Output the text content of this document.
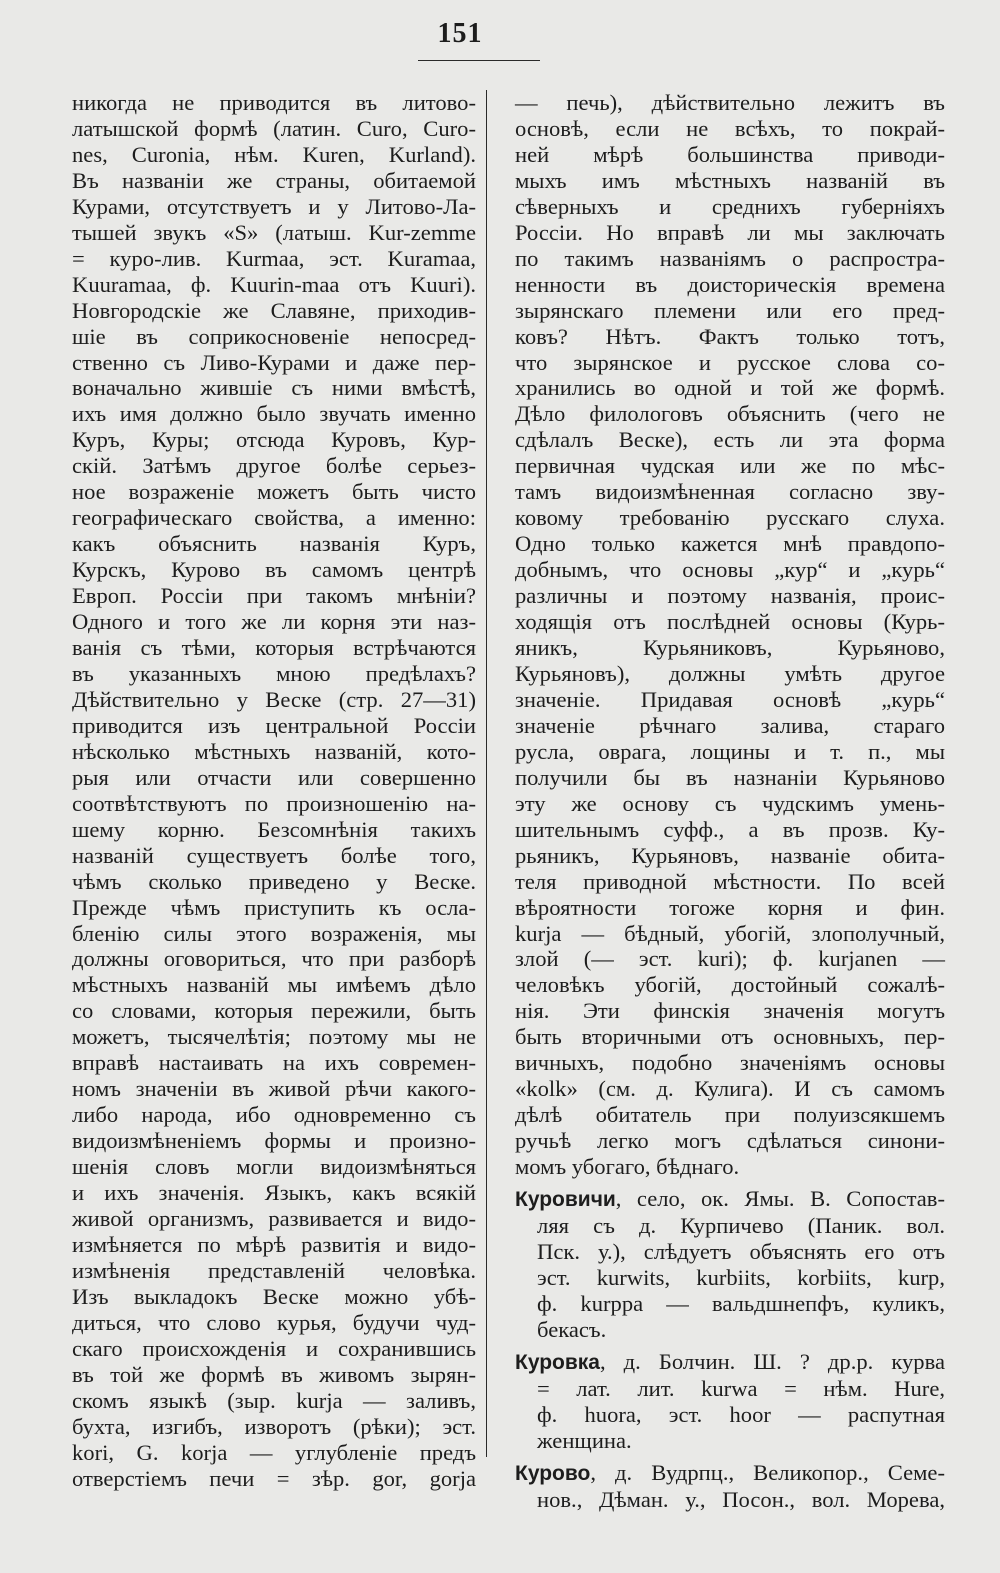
151
никогда не приводится въ литово-
латышской формѣ (латин. Curo, Curo-
nes, Curonia, нѣм. Kuren, Kurland).
Въ названіи же страны, обитаемой
Курами, отсутствуетъ и у Литово-Ла-
тышей звукъ «S» (латыш. Kur-zemme
= куро-лив. Kurmaa, эст. Kuramaa,
Kuuramaa, ф. Kuurin-maa отъ Kuuri).
Новгородскіе же Славяне, приходив-
шіе въ соприкосновеніе непосред-
ственно съ Ливо-Курами и даже пер-
воначально жившіе съ ними вмѣстѣ,
ихъ имя должно было звучать именно
Куръ, Куры; отсюда Куровъ, Кур-
скій. Затѣмъ другое болѣе серьез-
ное возраженіе можетъ быть чисто
географическаго свойства, а именно:
какъ объяснить названія Куръ,
Курскъ, Курово въ самомъ центрѣ
Европ. Россіи при такомъ мнѣніи?
Одного и того же ли корня эти наз-
ванія съ тѣми, которыя встрѣчаются
въ указанныхъ мною предѣлахъ?
Дѣйствительно у Веске (стр. 27—31)
приводится изъ центральной Россіи
нѣсколько мѣстныхъ названій, кото-
рыя или отчасти или совершенно
соотвѣтствуютъ по произношенію на-
шему корню. Безсомнѣнія такихъ
названій существуетъ болѣе того,
чѣмъ сколько приведено у Веске.
Прежде чѣмъ приступить къ осла-
бленію силы этого возраженія, мы
должны оговориться, что при разборѣ
мѣстныхъ названій мы имѣемъ дѣло
со словами, которыя пережили, быть
можетъ, тысячелѣтія; поэтому мы не
вправѣ настаивать на ихъ современ-
номъ значеніи въ живой рѣчи какого-
либо народа, ибо одновременно съ
видоизмѣненіемъ формы и произно-
шенія словъ могли видоизмѣняться
и ихъ значенія. Языкъ, какъ всякій
живой организмъ, развивается и видо-
измѣняется по мѣрѣ развитія и видо-
измѣненія представленій человѣка.
Изъ выкладокъ Веске можно убѣ-
диться, что слово курья, будучи чуд-
скаго происхожденія и сохранившись
въ той же формѣ въ живомъ зырян-
скомъ языкѣ (зыр. kurja — заливъ,
бухта, изгибъ, изворотъ (рѣки); эст.
kori, G. korja — углубленіе предъ
отверстіемъ печи = зѣр. gor, gorja
— печь), дѣйствительно лежитъ въ
основѣ, если не всѣхъ, то покрай-
ней мѣрѣ большинства приводи-
мыхъ имъ мѣстныхъ названій въ
сѣверныхъ и среднихъ губерніяхъ
Россіи. Но вправѣ ли мы заключать
по такимъ названіямъ о распростра-
ненности въ доисторическія времена
зырянскаго племени или его пред-
ковъ? Нѣтъ. Фактъ только тотъ,
что зырянское и русское слова со-
хранились во одной и той же формѣ.
Дѣло филологовъ объяснить (чего не
сдѣлалъ Веске), есть ли эта форма
первичная чудская или же по мѣс-
тамъ видоизмѣненная согласно зву-
ковому требованію русскаго слуха.
Одно только кажется мнѣ правдопо-
добнымъ, что основы „кур“ и „курь“
различны и поэтому названія, проис-
ходящія отъ послѣдней основы (Курь-
яникъ, Курьяниковъ, Курьяново,
Курьяновъ), должны умѣть другое
значеніе. Придавая основѣ „курь“
значеніе рѣчнаго залива, стараго
русла, оврага, лощины и т. п., мы
получили бы въ назнаніи Курьяново
эту же основу съ чудскимъ умень-
шительнымъ суфф., а въ прозв. Ку-
рьяникъ, Курьяновъ, названіе обита-
теля приводной мѣстности. По всей
вѣроятности тогоже корня и фин.
kurja — бѣдный, убогій, злополучный,
злой (— эст. kuri); ф. kurjanen —
человѣкъ убогій, достойный сожалѣ-
нія. Эти финскія значенія могутъ
быть вторичными отъ основныхъ, пер-
вичныхъ, подобно значеніямъ основы
«kolk» (см. д. Кулига). И съ самомъ
дѣлѣ обитатель при полуизсякшемъ
ручьѣ легко могъ сдѣлаться синони-
момъ убогаго, бѣднаго.
Куровичи, село, ок. Ямы. В. Сопостав-
ляя съ д. Курпичево (Паник. вол.
Пск. у.), слѣдуетъ объяснять его отъ
эст. kurwits, kurbiits, korbiits, kurp,
ф. kurppa — вальдшнепфъ, куликъ,
бекасъ.
Куровка, д. Болчин. Ш. ? др.р. курва
= лат. лит. kurwa = нѣм. Hure,
ф. huora, эст. hoor — распутная
женщина.
Курово, д. Вудрпц., Великопор., Семе-
нов., Дѣман. у., Посон., вол. Морева,
